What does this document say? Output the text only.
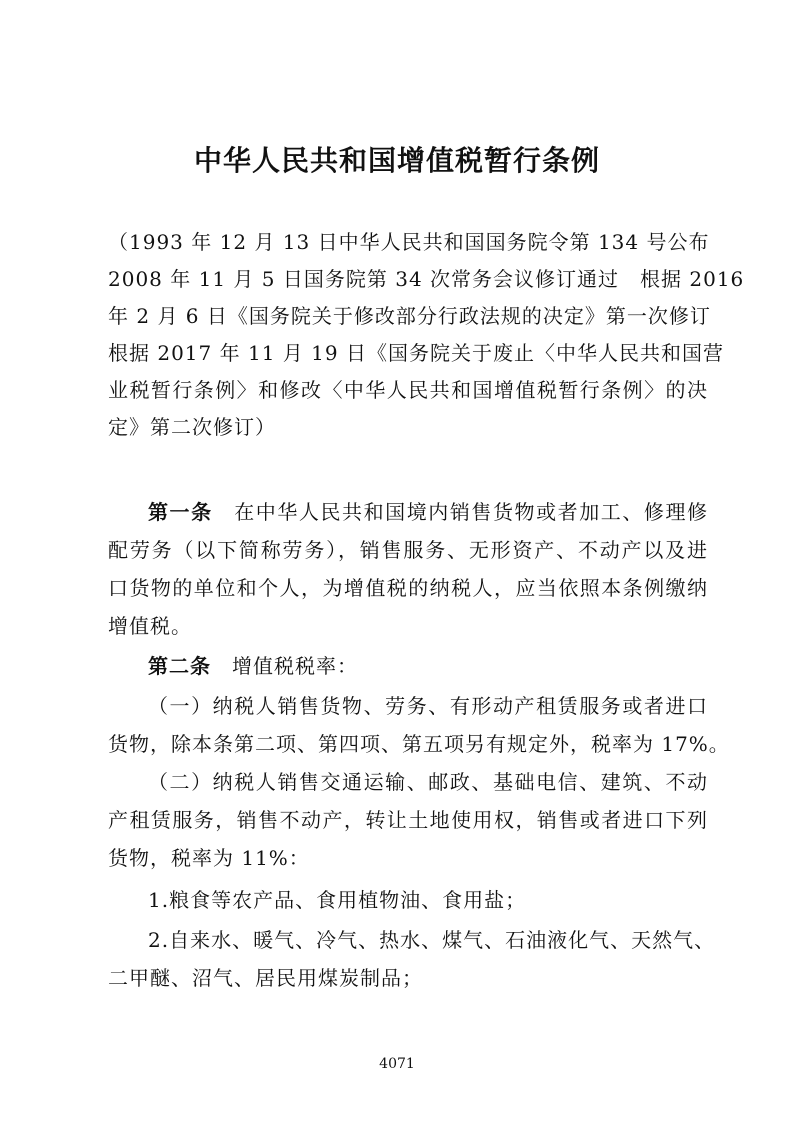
中华人民共和国增值税暂行条例
（1993 年 12 月 13 日中华人民共和国国务院令第 134 号公布
2008 年 11 月 5 日国务院第 34 次常务会议修订通过　根据 2016
年 2 月 6 日《国务院关于修改部分行政法规的决定》第一次修订
根据 2017 年 11 月 19 日《国务院关于废止〈中华人民共和国营
业税暂行条例〉和修改〈中华人民共和国增值税暂行条例〉的决
定》第二次修订）
第一条　 在中华人民共和国境内销售货物或者加工、修理修
配劳务（以下简称劳务），销售服务、无形资产、不动产以及进
口货物的单位和个人，为增值税的纳税人，应当依照本条例缴纳
增值税。
第二条　 增值税税率：
（一）纳税人销售货物、劳务、有形动产租赁服务或者进口
货物，除本条第二项、第四项、第五项另有规定外，税率为 17%。
（二）纳税人销售交通运输、邮政、基础电信、建筑、不动
产租赁服务，销售不动产，转让土地使用权，销售或者进口下列
货物，税率为 11%：
1.粮食等农产品、食用植物油、食用盐；
2.自来水、暖气、冷气、热水、煤气、石油液化气、天然气、
二甲醚、沼气、居民用煤炭制品；
4071
